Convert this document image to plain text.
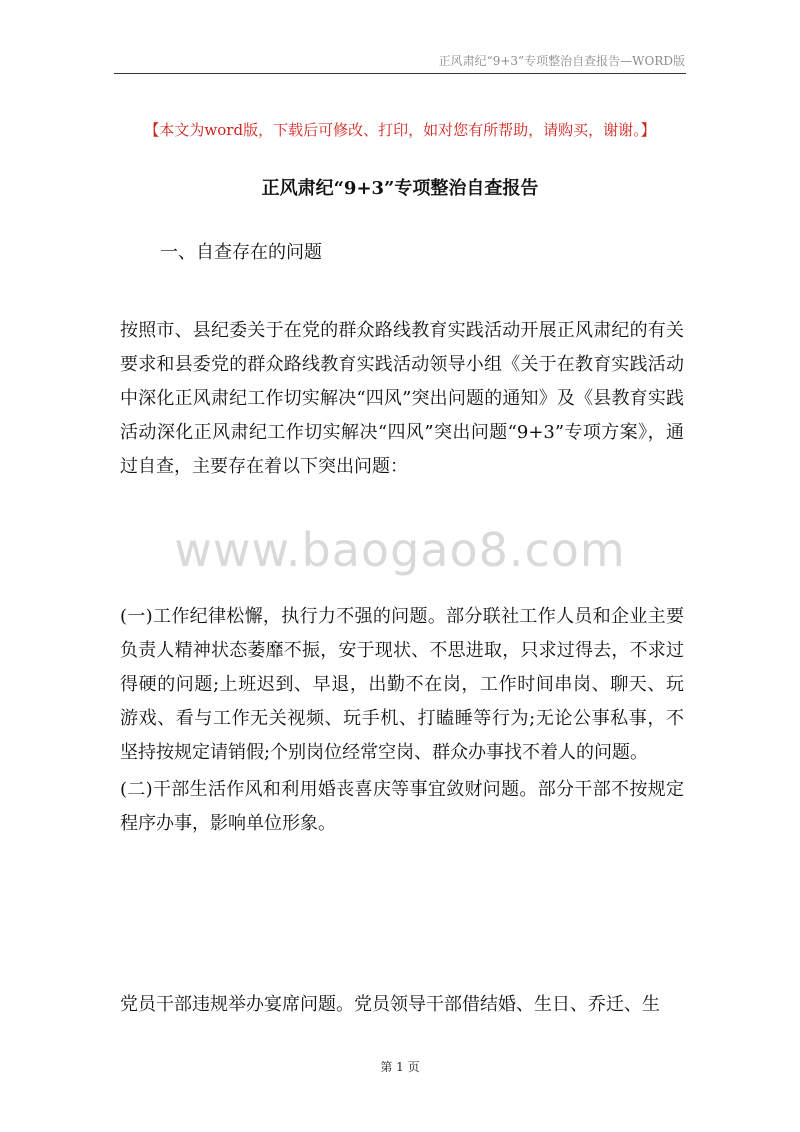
正风肃纪“9+3”专项整治自查报告—WORD版
【本文为word版，下载后可修改、打印，如对您有所帮助，请购买，谢谢。】
正风肃纪“9+3”专项整治自查报告
一、自查存在的问题

按照市、县纪委关于在党的群众路线教育实践活动开展正风肃纪的有关要求和县委党的群众路线教育实践活动领导小组《关于在教育实践活动中深化正风肃纪工作切实解决“四风”突出问题的通知》及《县教育实践活动深化正风肃纪工作切实解决“四风”突出问题“9+3”专项方案》，通过自查，主要存在着以下突出问题：

www.baogao8.com

(一)工作纪律松懈，执行力不强的问题。部分联社工作人员和企业主要负责人精神状态萎靡不振，安于现状、不思进取，只求过得去，不求过得硬的问题;上班迟到、早退，出勤不在岗，工作时间串岗、聊天、玩游戏、看与工作无关视频、玩手机、打瞌睡等行为;无论公事私事，不坚持按规定请销假;个别岗位经常空岗、群众办事找不着人的问题。

(二)干部生活作风和利用婚丧喜庆等事宜敛财问题。部分干部不按规定程序办事，影响单位形象。

党员干部违规举办宴席问题。党员领导干部借结婚、生日、乔迁、生

第 1 页
